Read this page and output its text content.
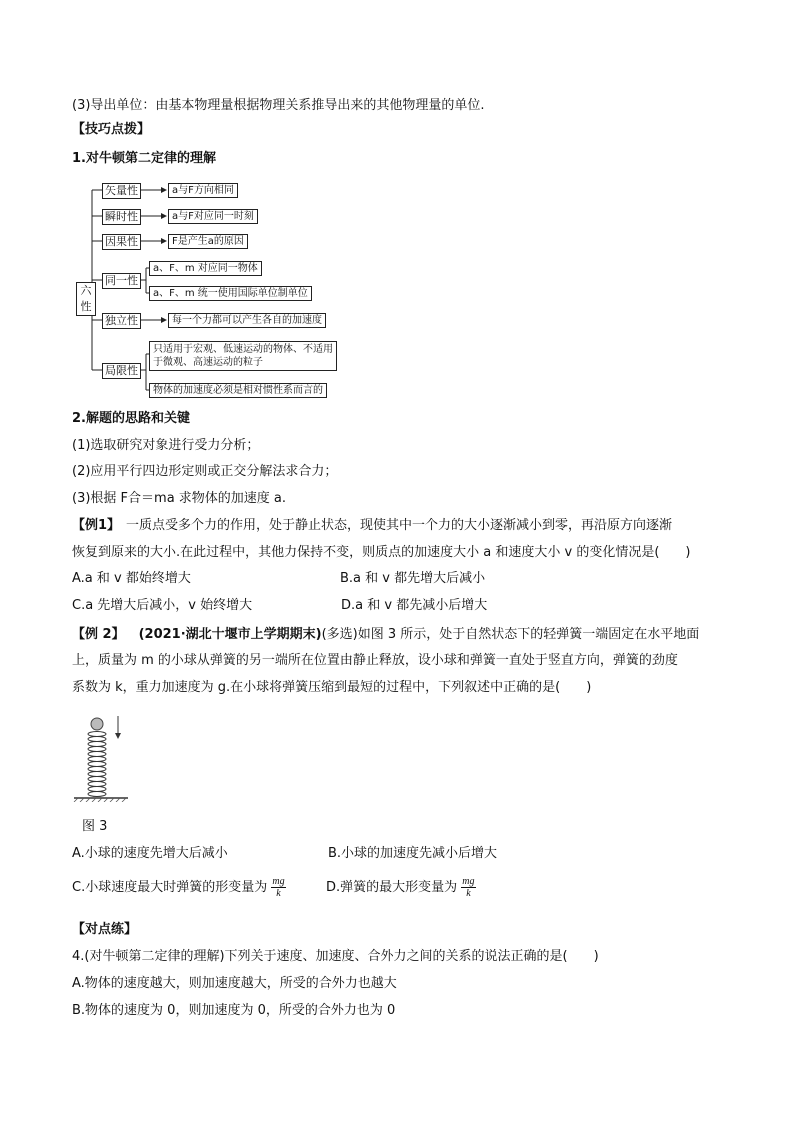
(3)导出单位：由基本物理量根据物理关系推导出来的其他物理量的单位.
【技巧点拨】
1.对牛顿第二定律的理解
六性
矢量性	a与F方向相同
瞬时性	a与F对应同一时刻
因果性	F是产生a的原因
同一性
a、F、m 对应同一物体
a、F、m 统一使用国际单位制单位
独立性	每一个力都可以产生各自的加速度
局限性
只适用于宏观、低速运动的物体、不适用
于微观、高速运动的粒子
物体的加速度必须是相对惯性系而言的
2.解题的思路和关键
(1)选取研究对象进行受力分析；
(2)应用平行四边形定则或正交分解法求合力；
(3)根据 F合＝ma 求物体的加速度 a.
【例1】 一质点受多个力的作用，处于静止状态，现使其中一个力的大小逐渐减小到零，再沿原方向逐渐
恢复到原来的大小.在此过程中，其他力保持不变，则质点的加速度大小 a 和速度大小 v 的变化情况是(　　)
A.a 和 v 都始终增大	B.a 和 v 都先增大后减小
C.a 先增大后减小，v 始终增大	D.a 和 v 都先减小后增大
【例 2】 (2021·湖北十堰市上学期期末)(多选)如图 3 所示，处于自然状态下的轻弹簧一端固定在水平地面
上，质量为 m 的小球从弹簧的另一端所在位置由静止释放，设小球和弹簧一直处于竖直方向，弹簧的劲度
系数为 k，重力加速度为 g.在小球将弹簧压缩到最短的过程中，下列叙述中正确的是(　　)
图 3
A.小球的速度先增大后减小	B.小球的加速度先减小后增大
C.小球速度最大时弹簧的形变量为 $\frac{mg}{k}$	D.弹簧的最大形变量为 $\frac{mg}{k}$
【对点练】
4.(对牛顿第二定律的理解)下列关于速度、加速度、合外力之间的关系的说法正确的是(　　)
A.物体的速度越大，则加速度越大，所受的合外力也越大
B.物体的速度为 0，则加速度为 0，所受的合外力也为 0
